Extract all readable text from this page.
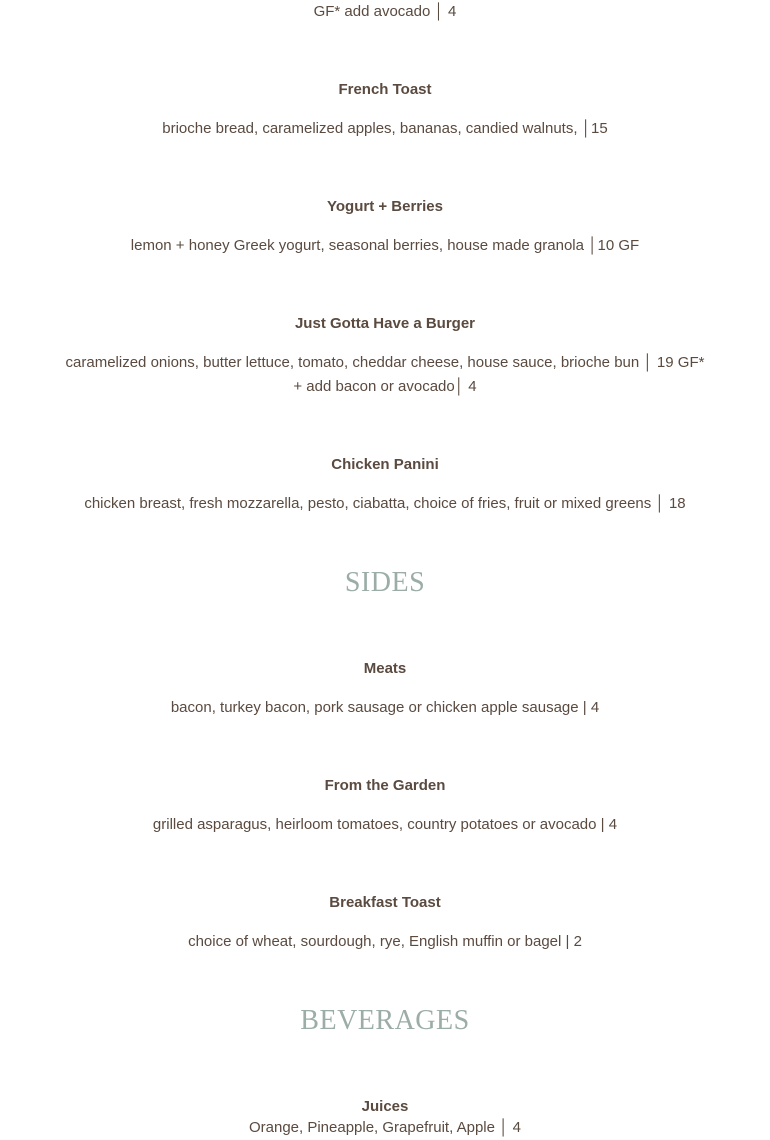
GF* add avocado │ 4
French Toast
brioche bread, caramelized apples, bananas, candied walnuts, │15
Yogurt + Berries
lemon + honey Greek yogurt, seasonal berries, house made granola │10 GF
Just Gotta Have a Burger
caramelized onions, butter lettuce, tomato, cheddar cheese, house sauce, brioche bun │ 19 GF*
+ add bacon or avocado│ 4
Chicken Panini
chicken breast, fresh mozzarella, pesto, ciabatta, choice of fries, fruit or mixed greens │ 18
SIDES
Meats
bacon, turkey bacon, pork sausage or chicken apple sausage | 4
From the Garden
grilled asparagus, heirloom tomatoes, country potatoes or avocado | 4
Breakfast Toast
choice of wheat, sourdough, rye, English muffin or bagel | 2
BEVERAGES
Juices
Orange, Pineapple, Grapefruit, Apple │ 4
